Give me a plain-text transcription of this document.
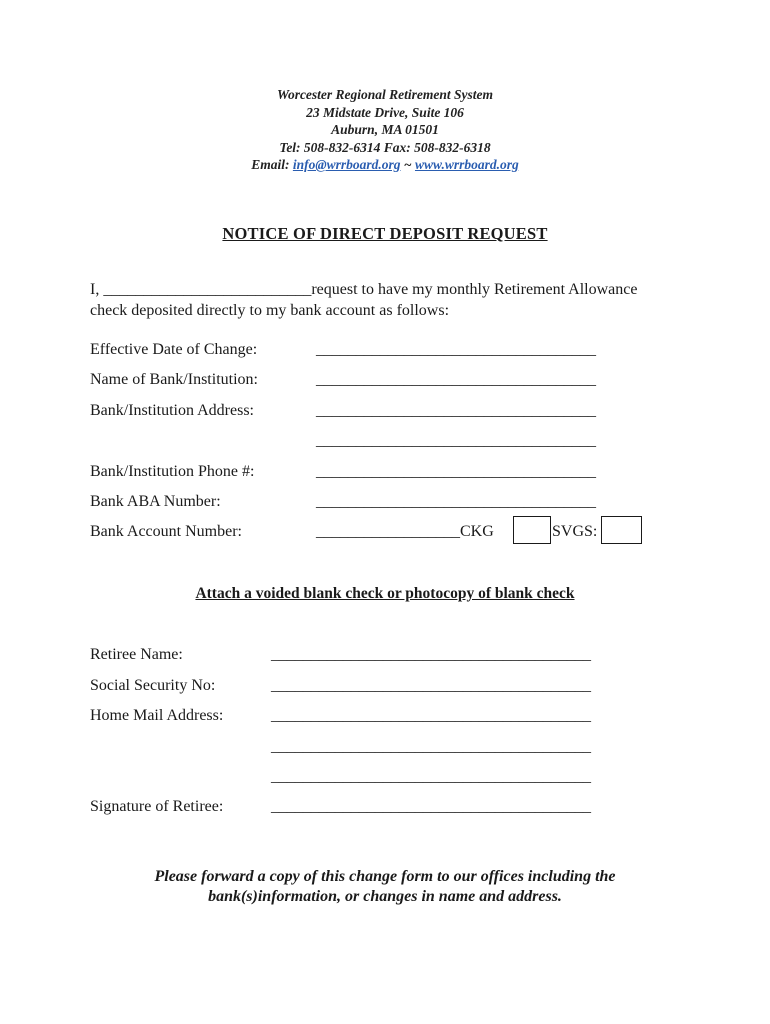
Worcester Regional Retirement System
23 Midstate Drive, Suite 106
Auburn, MA 01501
Tel: 508-832-6314 Fax: 508-832-6318
Email: info@wrrboard.org ~ www.wrrboard.org
NOTICE OF DIRECT DEPOSIT REQUEST
I, __________________________request to have my monthly Retirement Allowance
check deposited directly to my bank account as follows:
Effective Date of Change:	___________________________________
Name of Bank/Institution:	___________________________________
Bank/Institution Address:	___________________________________
___________________________________
Bank/Institution Phone #:	___________________________________
Bank ABA Number:	___________________________________
Bank Account Number:	__________________CKG	SVGS:
Attach a voided blank check or photocopy of blank check
Retiree Name:	________________________________________
Social Security No:	________________________________________
Home Mail Address:	________________________________________
________________________________________
________________________________________
Signature of Retiree:	________________________________________
Please forward a copy of this change form to our offices including the
bank(s)information, or changes in name and address.
